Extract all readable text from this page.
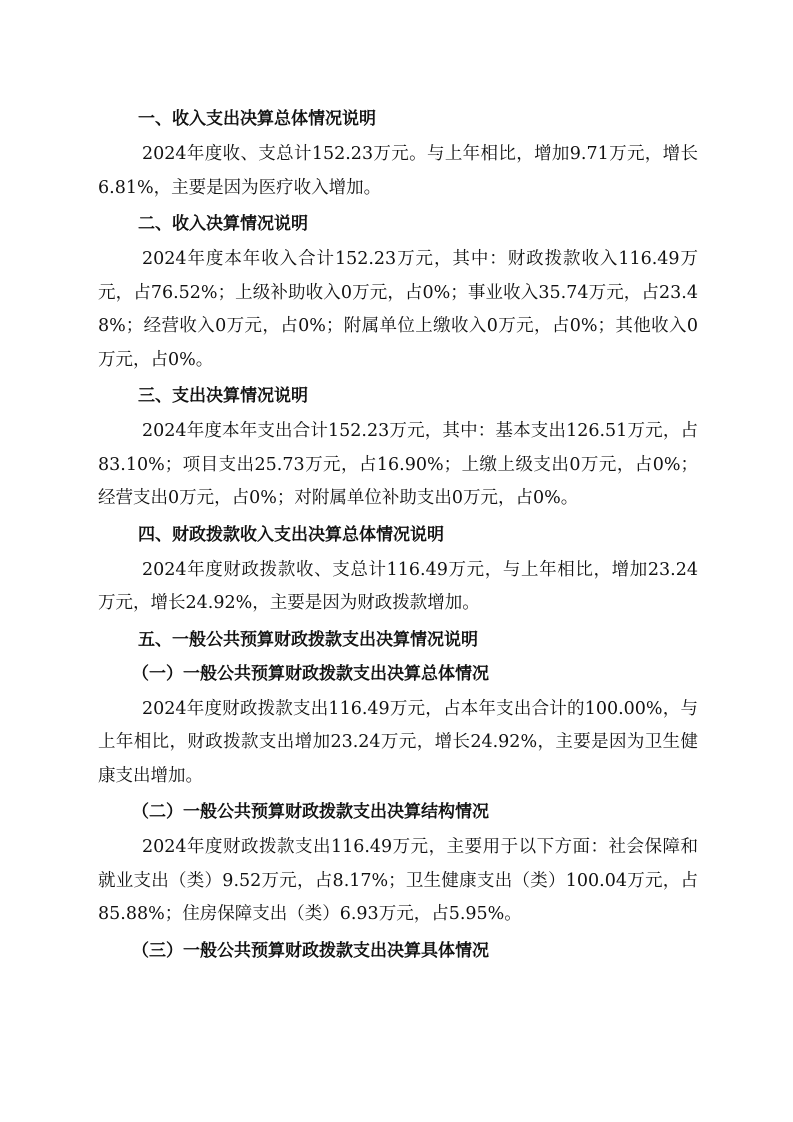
一、收入支出决算总体情况说明
2024年度收、支总计152.23万元。与上年相比，增加9.71万元，增长6.81%，主要是因为医疗收入增加。
二、收入决算情况说明
2024年度本年收入合计152.23万元，其中：财政拨款收入116.49万元，占76.52%；上级补助收入0万元，占0%；事业收入35.74万元，占23.48%；经营收入0万元，占0%；附属单位上缴收入0万元，占0%；其他收入0万元，占0%。
三、支出决算情况说明
2024年度本年支出合计152.23万元，其中：基本支出126.51万元，占83.10%；项目支出25.73万元，占16.90%；上缴上级支出0万元，占0%；经营支出0万元，占0%；对附属单位补助支出0万元，占0%。
四、财政拨款收入支出决算总体情况说明
2024年度财政拨款收、支总计116.49万元，与上年相比，增加23.24万元，增长24.92%，主要是因为财政拨款增加。
五、一般公共预算财政拨款支出决算情况说明
（一）一般公共预算财政拨款支出决算总体情况
2024年度财政拨款支出116.49万元，占本年支出合计的100.00%，与上年相比，财政拨款支出增加23.24万元，增长24.92%，主要是因为卫生健康支出增加。
（二）一般公共预算财政拨款支出决算结构情况
2024年度财政拨款支出116.49万元，主要用于以下方面：社会保障和就业支出（类）9.52万元，占8.17%；卫生健康支出（类）100.04万元，占85.88%；住房保障支出（类）6.93万元，占5.95%。
（三）一般公共预算财政拨款支出决算具体情况
